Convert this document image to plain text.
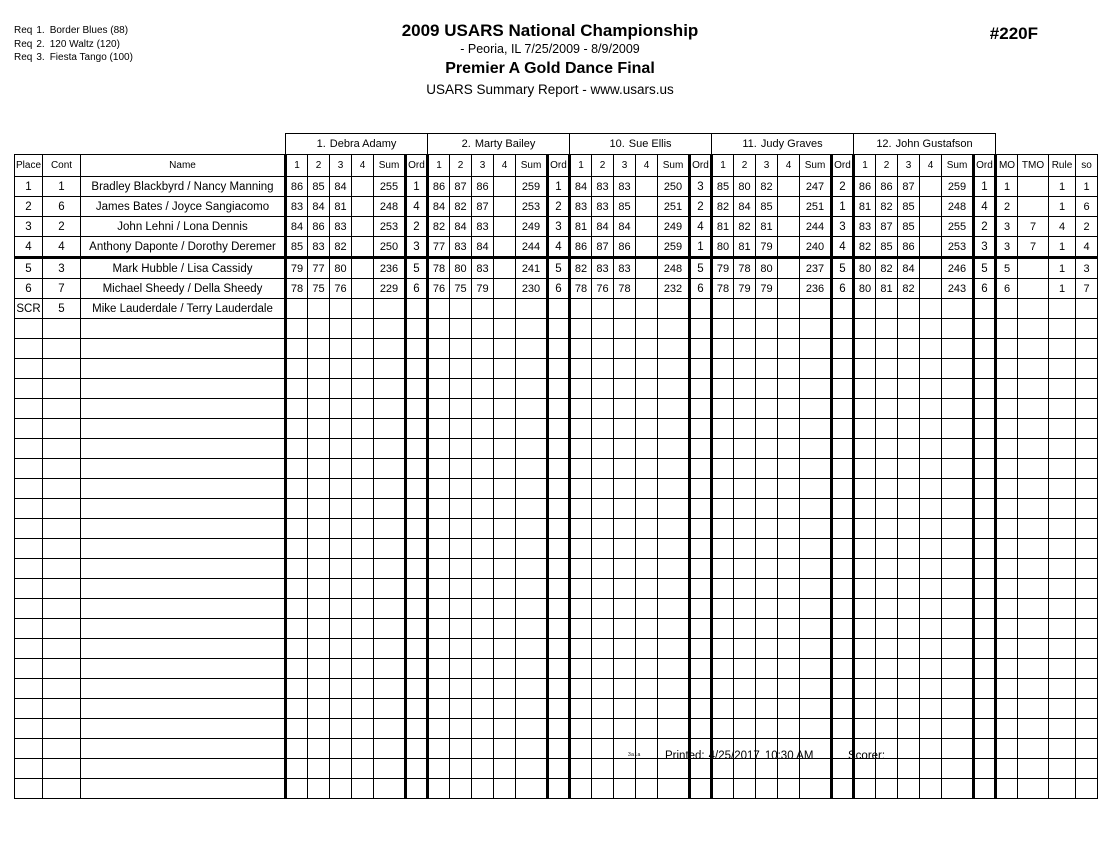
Req 1. Border Blues (88)
Req 2. 120 Waltz (120)
Req 3. Fiesta Tango (100)
2009 USARS National Championship
- Peoria, IL 7/25/2009 - 8/9/2009
Premier A Gold Dance Final
USARS Summary Report - www.usars.us
#220F
			1. Debra Adamy						2. Marty Bailey						10. Sue Ellis						11. Judy Graves						12. John Gustafson									
Place	Cont	Name	1	2	3	4	Sum	Ord	1	2	3	4	Sum	Ord	1	2	3	4	Sum	Ord	1	2	3	4	Sum	Ord	1	2	3	4	Sum	Ord	MO	TMO	Rule	so
1	1	Bradley Blackbyrd / Nancy Manning	86	85	84		255	1	86	87	86		259	1	84	83	83		250	3	85	80	82		247	2	86	86	87		259	1	1		1	1
2	6	James Bates / Joyce Sangiacomo	83	84	81		248	4	84	82	87		253	2	83	83	85		251	2	82	84	85		251	1	81	82	85		248	4	2		1	6
3	2	John Lehni / Lona Dennis	84	86	83		253	2	82	84	83		249	3	81	84	84		249	4	81	82	81		244	3	83	87	85		255	2	3	7	4	2
4	4	Anthony Daponte / Dorothy Deremer	85	83	82		250	3	77	83	84		244	4	86	87	86		259	1	80	81	79		240	4	82	85	86		253	3	3	7	1	4
5	3	Mark Hubble / Lisa Cassidy	79	77	80		236	5	78	80	83		241	5	82	83	83		248	5	79	78	80		237	5	80	82	84		246	5	5		1	3
6	7	Michael Sheedy / Della Sheedy	78	75	76		229	6	76	75	79		230	6	78	76	78		232	6	78	79	79		236	6	80	81	82		243	6	6		1	7
SCR	5	Mike Lauderdale / Terry Lauderdale																																		

3a1a Printed: 4/25/2017 10:30 AM	Scorer:
